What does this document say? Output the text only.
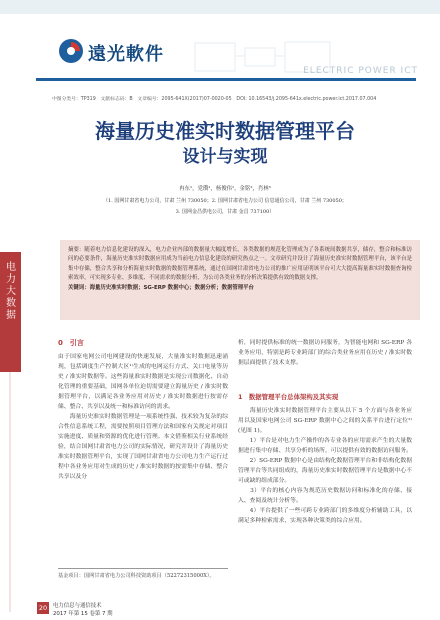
遠光軟件
ELECTRIC POWER ICT
中图分类号：TP319　文献标志码：B　文章编号：2095-641X(2017)07-0020-05　DOI: 10.16543/j.2095-641x.electric.power.ict.2017.07.004
电力大数据
海量历史准实时数据管理平台
设计与实现
冉东¹，党瓒¹，杨俊伟¹，金铭²，肖林³
（1. 国网甘肃省电力公司，甘肃 兰州 730050；2. 国网甘肃省电力公司 信息通信公司，甘肃 兰州 730050；
3. 国网金昌供电公司，甘肃 金昌 737100）

摘要：随着电力信息化建设的深入，电力企业内部的数据量大幅度增长，各类数据的规范化管理成为了各系统间数据共享，储存，整合和标准访问的必要条件，海量历史准实时数据应用成为当前电力信息化建设的研究热点之一。文章研究并设计了海量历史准实时数据管理平台，该平台是集中存储，整合共享和分析海量实时数据的数据管理系统，通过在国网甘肃省电力公司的推广应用证明该平台可大大提高海量准实时数据查询检索效率，可实现多专业、多维度、不同需求的数据分析，为公司各类业务的分析决策提供有效的数据支撑。

关键词：海量历史准实时数据；SG-ERP 数据中心；数据分析；数据管理平台

0　引言
由于国家电网公司电网建设的快速发展，大量准实时数据迅速涌现，包括调度生产控制大区¹⁾生成的电网运行方式、关口电量等历史 / 准实时数据等。这些海量准实时数据是实现公司数据化、自动化管理的重要基础，国网各单位迫切需要建立海量历史 / 准实时数据管理平台，以满足各业务应用对历史 / 准实时数据进行按需存储、整合、共享以及统一和标准访问的需求。
　　海量历史准实时数据管理是一项系统性强、技术较为复杂的综合性信息系统工程，需要按照项目管理方法和国家有关规定对项目实施进度、质量和资源的优化进行管理。本文借鉴相关行业系统经验，结合国网甘肃省电力公司的实际情况，研究并设计了海量历史准实时数据管理平台，实现了国网甘肃省电力公司电力生产运行过程中各业务应用对生成的历史 / 准实时数据的按需集中存储、整合共享以及分
析，同时提供标准的统一数据访问服务，为智能电网和 SG-ERP 各业务应用，特别是跨专业跨部门的综合类业务应用在历史 / 准实时数据层面提供了技术支撑。
1　数据管理平台总体架构及其实现
　　海量历史准实时数据管理平台主要从以下 5 个方面与各业务应用以及国家电网公司 SG-ERP 数据中心之间的关系平台进行定位²⁾(见图 1)。
　　1）平台是对电力生产操作的各专业各的应用需求产生的大量数据进行集中存储、共享分析的场所，可以提供有效的数据访问服务。
　　2）SG-ERP 数据中心是由结构化数据管理平台和非结构化数据管理平台等共同组成的，海量历史准实时数据管理平台是数据中心不可或缺的组成部分。
　　3）平台的核心内容为规范历史数据访问和标准化的存储、接入、查阅及统计分析等。
　　4）平台提供了一些可跨专业跨部门的多维度分析辅助工具，以满足多种检索需求，实现各种决策类的综合应用。
基金项目：国网甘肃省电力公司科技资助项目（52272315000X）。
20	电力信息与通信技术
2017 年第 15 卷第 7 期
